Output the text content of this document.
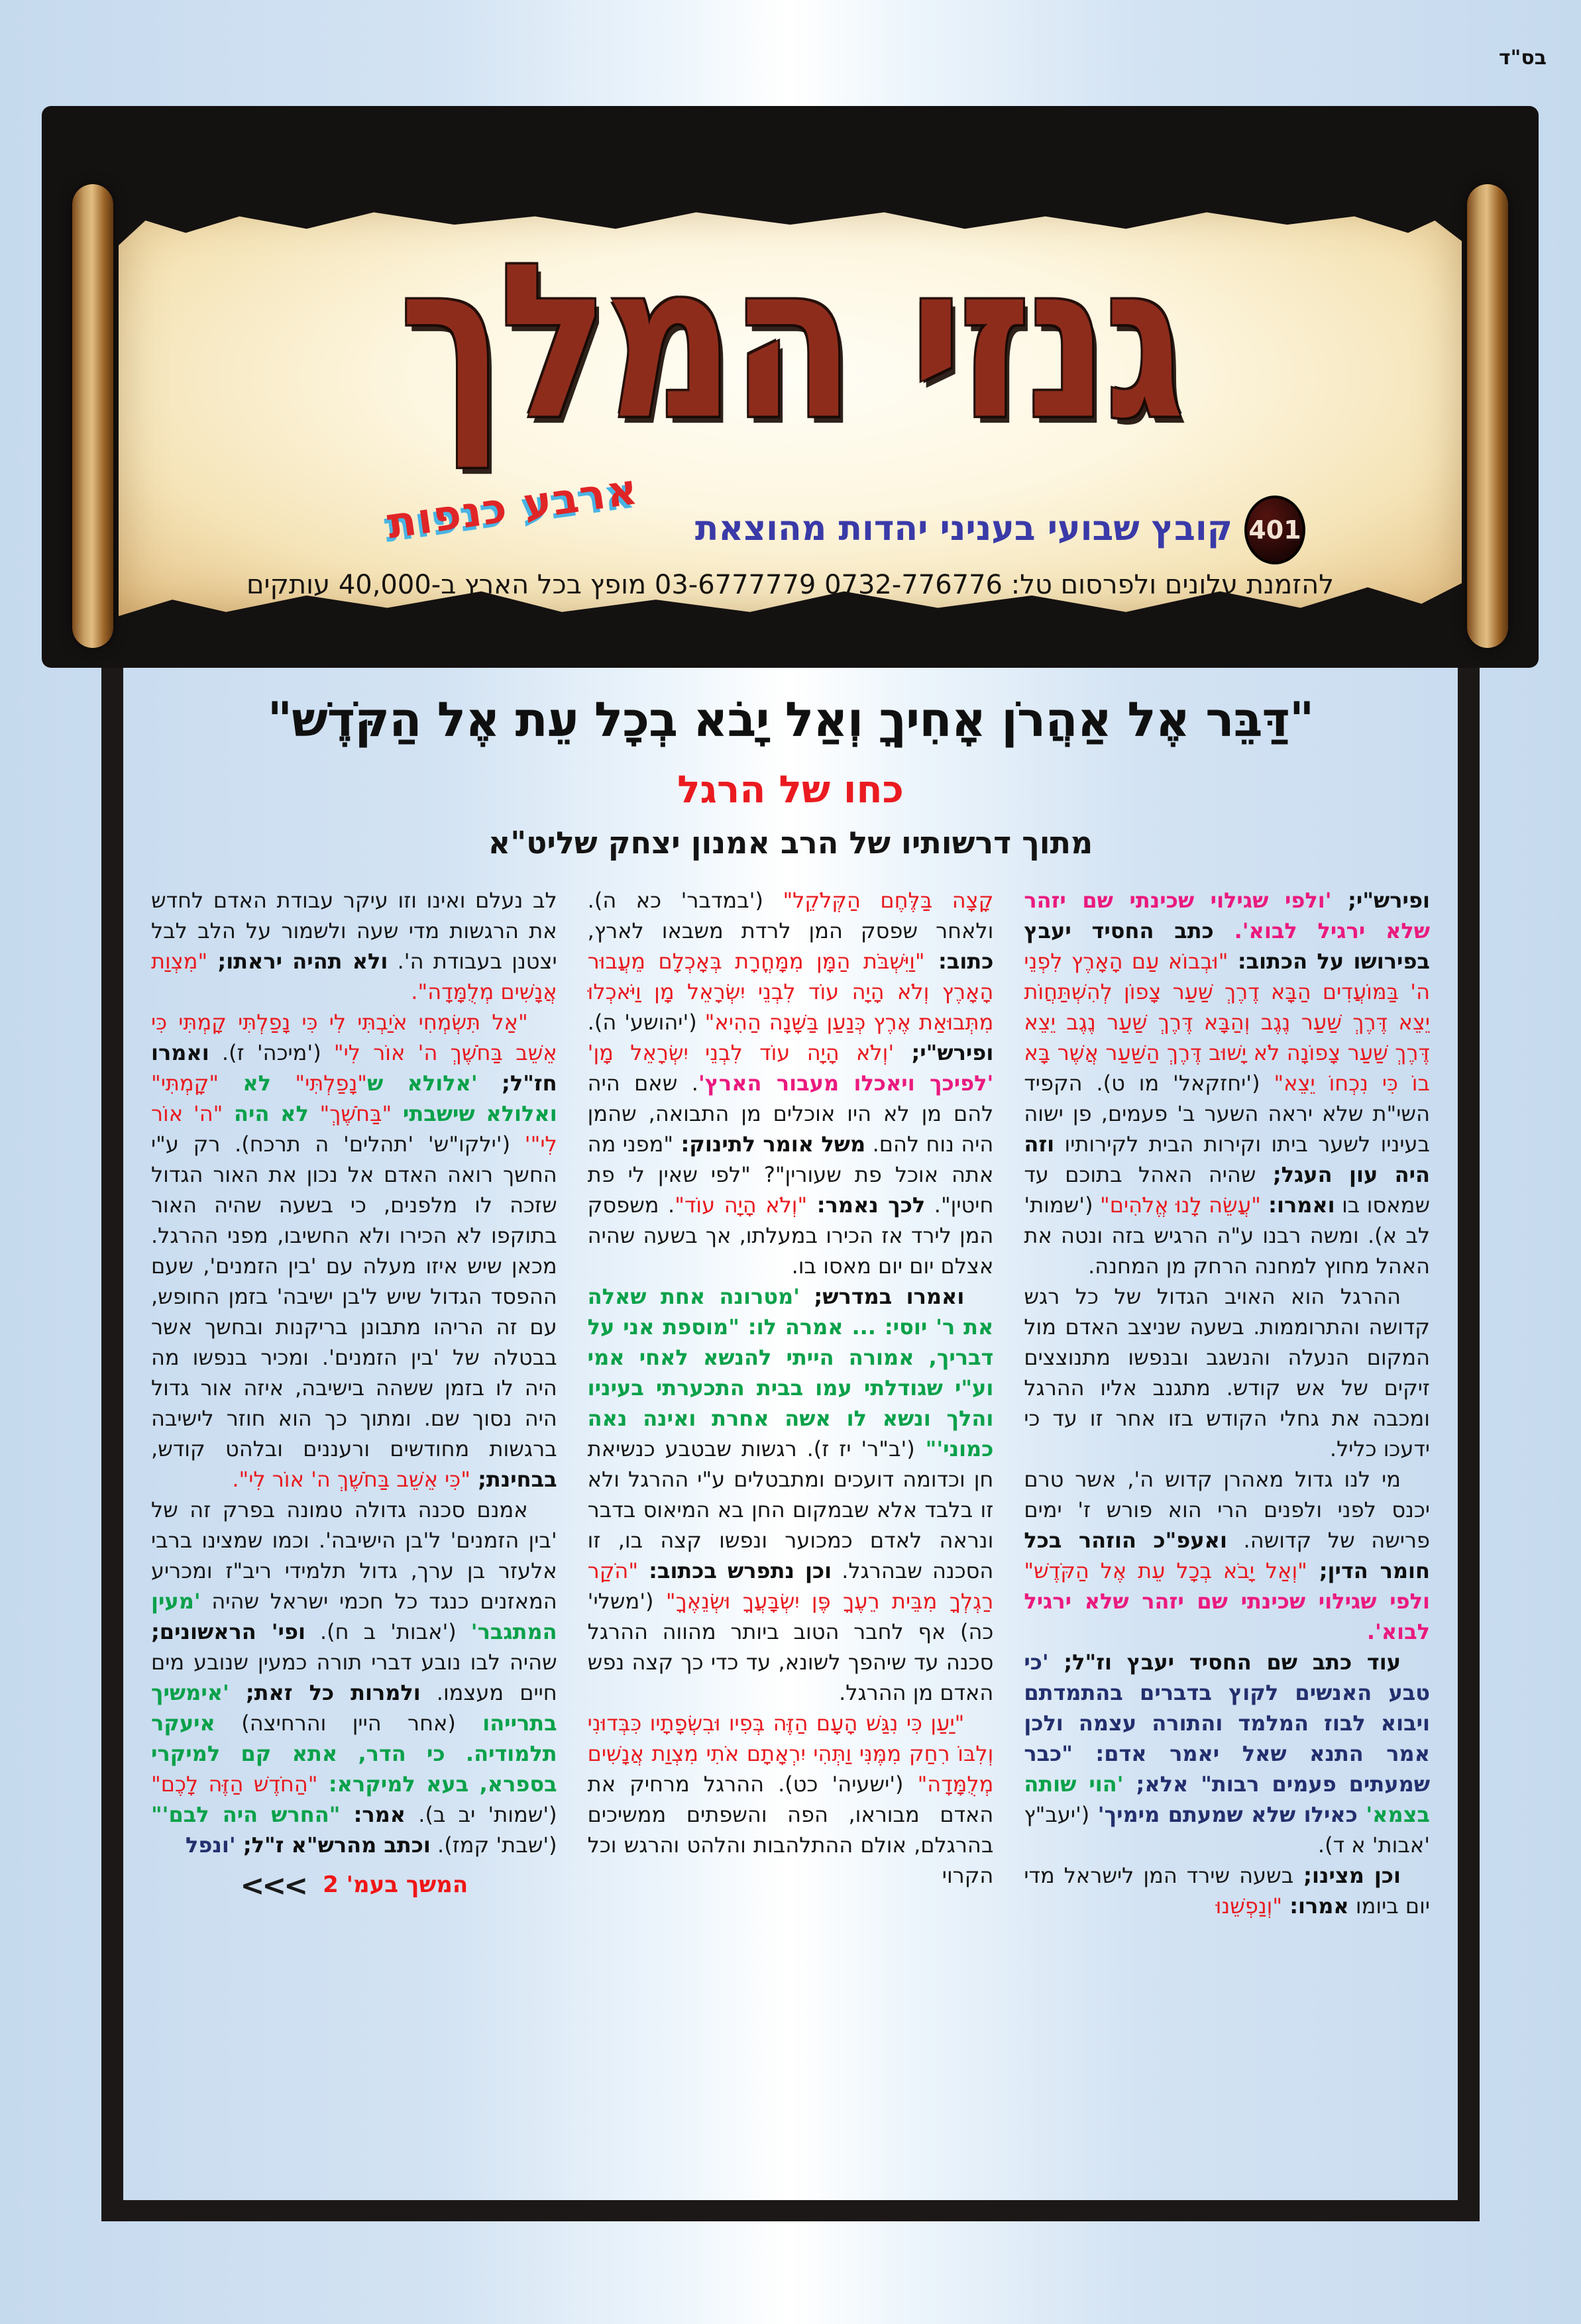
בס"ד
גנזי המלך
ארבע כנפות קובץ שבועי בעניני יהדות מהוצאת 401
להזמנת עלונים ולפרסום טל: 0732-776776 03-6777779 מופץ בכל הארץ ב-40,000 עותקים
"דַּבֵּר אֶל אַהֲרֹן אָחִיךָ וְאַל יָבֹא בְכָל עֵת אֶל הַקֹּדֶשׁ"
כחו של הרגל
מתוך דרשותיו של הרב אמנון יצחק שליט"א

ופירש"י; 'ולפי שגילוי שכינתי שם יזהר שלא ירגיל לבוא'. כתב החסיד יעבץ בפירושו על הכתוב: "וּבְבוֹא עַם הָאָרֶץ לִפְנֵי ה' בַּמּוֹעֲדִים הַבָּא דֶרֶךְ שַׁעַר צָפוֹן לְהִשְׁתַּחֲוֹת יֵצֵא דֶּרֶךְ שַׁעַר נֶגֶב וְהַבָּא דֶּרֶךְ שַׁעַר נֶגֶב יֵצֵא דֶּרֶךְ שַׁעַר צָפוֹנָה לֹא יָשׁוּב דֶּרֶךְ הַשַּׁעַר אֲשֶׁר בָּא בוֹ כִּי נִכְחוֹ יֵצֵא" ('יחזקאל' מו ט). הקפיד השי"ת שלא יראה השער ב' פעמים, פן ישוה בעיניו לשער ביתו וקירות הבית לקירותיו וזה היה עון העגל; שהיה האהל בתוכם עד שמאסו בו ואמרו: "עֲשֵׂה לָנוּ אֱלֹהִים" ('שמות' לב א). ומשה רבנו ע"ה הרגיש בזה ונטה את האהל מחוץ למחנה הרחק מן המחנה.

ההרגל הוא האויב הגדול של כל רגש קדושה והתרוממות. בשעה שניצב האדם מול המקום הנעלה והנשגב ובנפשו מתנוצצים זיקים של אש קודש. מתגנב אליו ההרגל ומכבה את גחלי הקודש בזו אחר זו עד כי ידעכו כליל.

מי לנו גדול מאהרן קדוש ה', אשר טרם יכנס לפני ולפנים הרי הוא פורש ז' ימים פרישה של קדושה. ואעפ"כ הוזהר בכל חומר הדין; "וְאַל יָבֹא בְכָל עֵת אֶל הַקֹּדֶשׁ" ולפי שגילוי שכינתי שם יזהר שלא ירגיל לבוא'.

עוד כתב שם החסיד יעבץ וז"ל; 'כי טבע האנשים לקוץ בדברים בהתמדתם ויבוא לבוז המלמד והתורה עצמה ולכן אמר התנא שאל יאמר אדם: "כבר שמעתים פעמים רבות" אלא; 'הוי שותה בצמא' כאילו שלא שמעתם מימיך' ('יעב"ץ 'אבות' א ד).

וכן מצינו; בשעה שירד המן לישראל מדי יום ביומו אמרו: "וְנַפְשֵׁנוּ

קָצָה בַּלֶּחֶם הַקְּלֹקֵל" ('במדבר' כא ה). ולאחר שפסק המן לרדת משבאו לארץ, כתוב: "וַיִּשְׁבֹּת הַמָּן מִמָּחֳרָת בְּאָכְלָם מֵעֲבוּר הָאָרֶץ וְלֹא הָיָה עוֹד לִבְנֵי יִשְׂרָאֵל מָן וַיֹּאכְלוּ מִתְּבוּאַת אֶרֶץ כְּנַעַן בַּשָּׁנָה הַהִיא" ('יהושע' ה). ופירש"י; 'וְלֹא הָיָה עוֹד לִבְנֵי יִשְׂרָאֵל מָן' 'לפיכך ויאכלו מעבור הארץ'. שאם היה להם מן לא היו אוכלים מן התבואה, שהמן היה נוח להם. משל אומר לתינוק: "מפני מה אתה אוכל פת שעורין"? "לפי שאין לי פת חיטין". לכך נאמר: "וְלֹא הָיָה עוֹד". משפסק המן לירד אז הכירו במעלתו, אך בשעה שהיה אצלם יום יום מאסו בו.

ואמרו במדרש; 'מטרונה אחת שאלה את ר' יוסי: ... אמרה לו: "מוספת אני על דבריך, אמורה הייתי להנשא לאחי אמי וע"י שגודלתי עמו בבית התכערתי בעיניו והלך ונשא לו אשה אחרת ואינה נאה כמוני'" ('ב"ר' יז ז). רגשות שבטבע כנשיאת חן וכדומה דועכים ומתבטלים ע"י ההרגל ולא זו בלבד אלא שבמקום החן בא המיאוס בדבר ונראה לאדם כמכוער ונפשו קצה בו, זו הסכנה שבהרגל. וכן נתפרש בכתוב: "הֹקַר רַגְלְךָ מִבֵּית רֵעֶךָ פֶּן יִשְׂבָּעֲךָ וּשְׂנֵאֶךָ" ('משלי' כה) אף לחבר הטוב ביותר מהווה ההרגל סכנה עד שיהפך לשונא, עד כדי כך קצה נפש האדם מן ההרגל.

"יַעַן כִּי נִגַּשׁ הָעָם הַזֶּה בְּפִיו וּבִשְׂפָתָיו כִּבְּדוּנִי וְלִבּוֹ רִחַק מִמֶּנִּי וַתְּהִי יִרְאָתָם אֹתִי מִצְוַת אֲנָשִׁים מְלֻמָּדָה" ('ישעיה' כט). ההרגל מרחיק את האדם מבוראו, הפה והשפתים ממשיכים בהרגלם, אולם ההתלהבות והלהט והרגש וכל הקרוי

לב נעלם ואינו וזו עיקר עבודת האדם לחדש את הרגשות מדי שעה ולשמור על הלב לבל יצטנן בעבודת ה'. ולא תהיה יראתו; "מִצְוַת אֲנָשִׁים מְלֻמָּדָה".

"אַל תִּשְׂמְחִי אֹיַבְתִּי לִי כִּי נָפַלְתִּי קָמְתִּי כִּי אֵשֵׁב בַּחֹשֶׁךְ ה' אוֹר לִי" ('מיכה' ז). ואמרו חז"ל; 'אלולא ש"נָפַלְתִּי" לא "קָמְתִּי" ואלולא שישבתי "בַּחֹשֶׁךְ" לא היה "ה' אוֹר לִי"' ('ילקו"ש' 'תהלים' ה תרכח). רק ע"י החשך רואה האדם אל נכון את האור הגדול שזכה לו מלפנים, כי בשעה שהיה האור בתוקפו לא הכירו ולא החשיבו, מפני ההרגל. מכאן שיש איזו מעלה עם 'בין הזמנים', שעם ההפסד הגדול שיש ל'בן ישיבה' בזמן החופש, עם זה הריהו מתבונן בריקנות ובחשך אשר בבטלה של 'בין הזמנים'. ומכיר בנפשו מה היה לו בזמן ששהה בישיבה, איזה אור גדול היה נסוך שם. ומתוך כך הוא חוזר לישיבה ברגשות מחודשים ורעננים ובלהט קודש, בבחינת; "כִּי אֵשֵׁב בַּחֹשֶׁךְ ה' אוֹר לִי".

אמנם סכנה גדולה טמונה בפרק זה של 'בין הזמנים' ל'בן הישיבה'. וכמו שמצינו ברבי אלעזר בן ערך, גדול תלמידי ריב"ז ומכריע המאזנים כנגד כל חכמי ישראל שהיה 'מעין המתגבר' ('אבות' ב ח). ופי' הראשונים; שהיה לבו נובע דברי תורה כמעין שנובע מים חיים מעצמו. ולמרות כל זאת; 'אימשיך בתרייהו (אחר היין והרחיצה) איעקר תלמודיה. כי הדר, אתא קם למיקרי בספרא, בעא למיקרא: "הַחֹדֶשׁ הַזֶּה לָכֶם" ('שמות' יב ב). אמר: "החרש היה לבם'" ('שבת' קמז). וכתב מהרש"א ז"ל; 'ונפל

המשך בעמ' 2<<<
